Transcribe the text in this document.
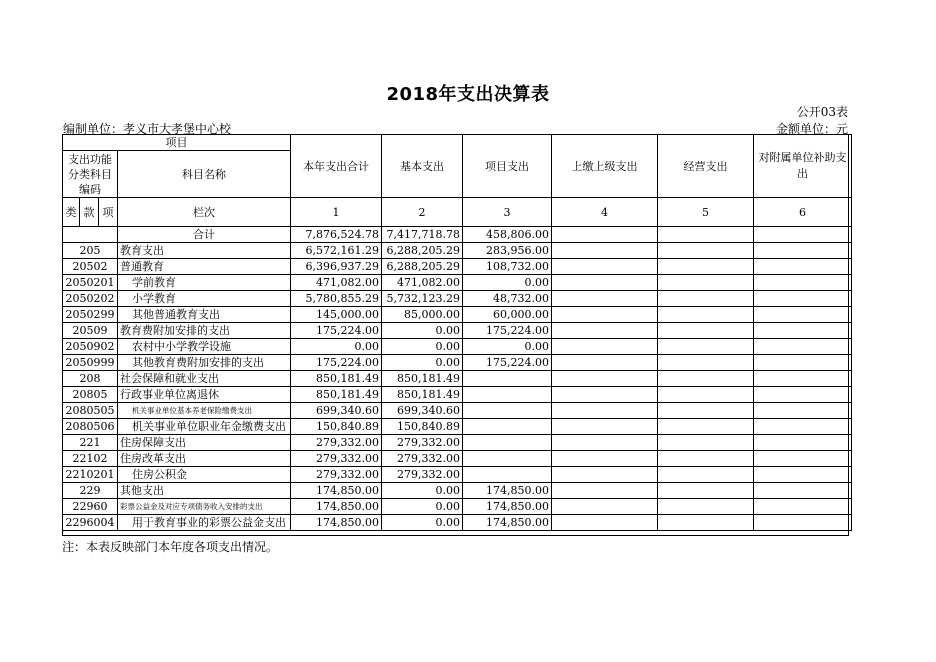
2018年支出决算表
公开03表
编制单位：孝义市大孝堡中心校	金额单位：元
项目				本年支出合计	基本支出	项目支出	上缴上级支出	经营支出	对附属单位补助支出
支出功能分类科目编码			科目名称						

类	款	项							
			栏次	1	2	3	4	5	6
			合计	7,876,524.78	7,417,718.78	458,806.00			
205			教育支出	6,572,161.29	6,288,205.29	283,956.00			
20502			普通教育	6,396,937.29	6,288,205.29	108,732.00			
2050201			学前教育	471,082.00	471,082.00	0.00			
2050202			小学教育	5,780,855.29	5,732,123.29	48,732.00			
2050299			其他普通教育支出	145,000.00	85,000.00	60,000.00			
20509			教育费附加安排的支出	175,224.00	0.00	175,224.00			
2050902			农村中小学教学设施	0.00	0.00	0.00			
2050999			其他教育费附加安排的支出	175,224.00	0.00	175,224.00			
208			社会保障和就业支出	850,181.49	850,181.49				
20805			行政事业单位离退休	850,181.49	850,181.49				
2080505			机关事业单位基本养老保险缴费支出	699,340.60	699,340.60				
2080506			机关事业单位职业年金缴费支出	150,840.89	150,840.89				
221			住房保障支出	279,332.00	279,332.00				
22102			住房改革支出	279,332.00	279,332.00				
2210201			住房公积金	279,332.00	279,332.00				
229			其他支出	174,850.00	0.00	174,850.00			
22960			彩票公益金及对应专项债务收入安排的支出	174,850.00	0.00	174,850.00			
2296004			用于教育事业的彩票公益金支出	174,850.00	0.00	174,850.00			
注：本表反映部门本年度各项支出情况。
